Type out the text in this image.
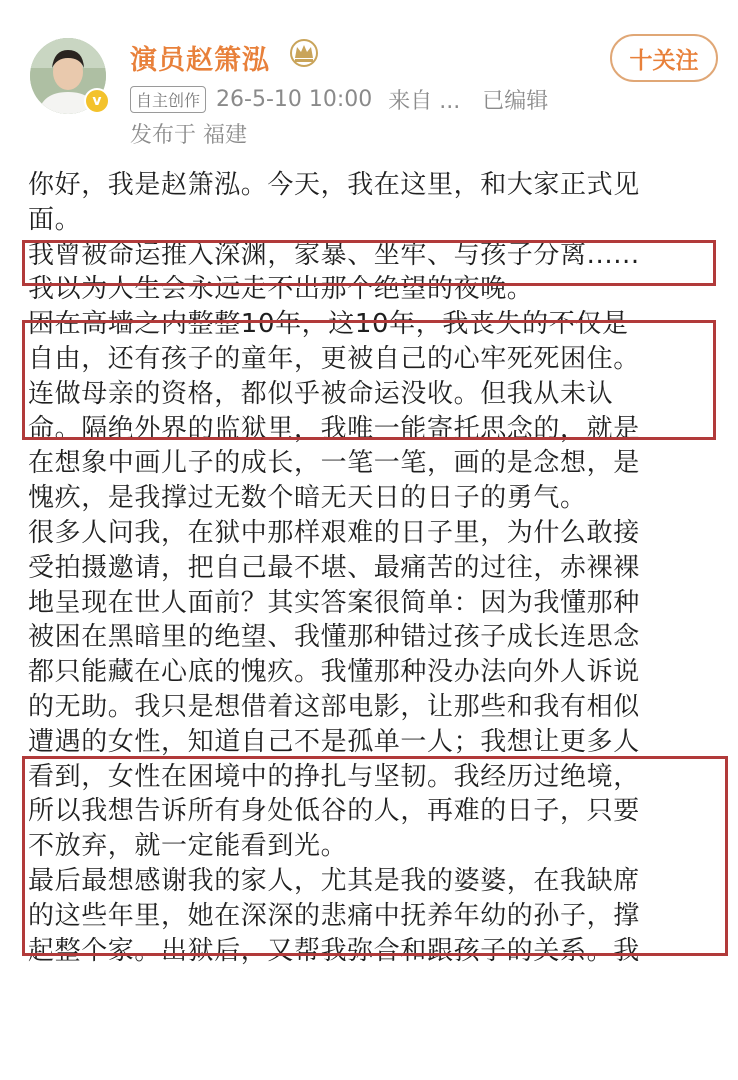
v
演员赵箫泓
自主创作 26-5-10 10:00 来自 ... 已编辑
发布于 福建
十关注
你好，我是赵箫泓。今天，我在这里，和大家正式见
面。
我曾被命运推入深渊，家暴、坐牢、与孩子分离......
我以为人生会永远走不出那个绝望的夜晚。
困在高墙之内整整10年，这10年，我丧失的不仅是
自由，还有孩子的童年，更被自己的心牢死死困住。
连做母亲的资格，都似乎被命运没收。但我从未认
命。隔绝外界的监狱里，我唯一能寄托思念的，就是
在想象中画儿子的成长，一笔一笔，画的是念想，是
愧疚，是我撑过无数个暗无天日的日子的勇气。
很多人问我，在狱中那样艰难的日子里，为什么敢接
受拍摄邀请，把自己最不堪、最痛苦的过往，赤裸裸
地呈现在世人面前？其实答案很简单：因为我懂那种
被困在黑暗里的绝望、我懂那种错过孩子成长连思念
都只能藏在心底的愧疚。我懂那种没办法向外人诉说
的无助。我只是想借着这部电影，让那些和我有相似
遭遇的女性，知道自己不是孤单一人；我想让更多人
看到，女性在困境中的挣扎与坚韧。我经历过绝境，
所以我想告诉所有身处低谷的人，再难的日子，只要
不放弃，就一定能看到光。
最后最想感谢我的家人，尤其是我的婆婆，在我缺席
的这些年里，她在深深的悲痛中抚养年幼的孙子，撑
起整个家。出狱后，又帮我弥合和跟孩子的关系。我
